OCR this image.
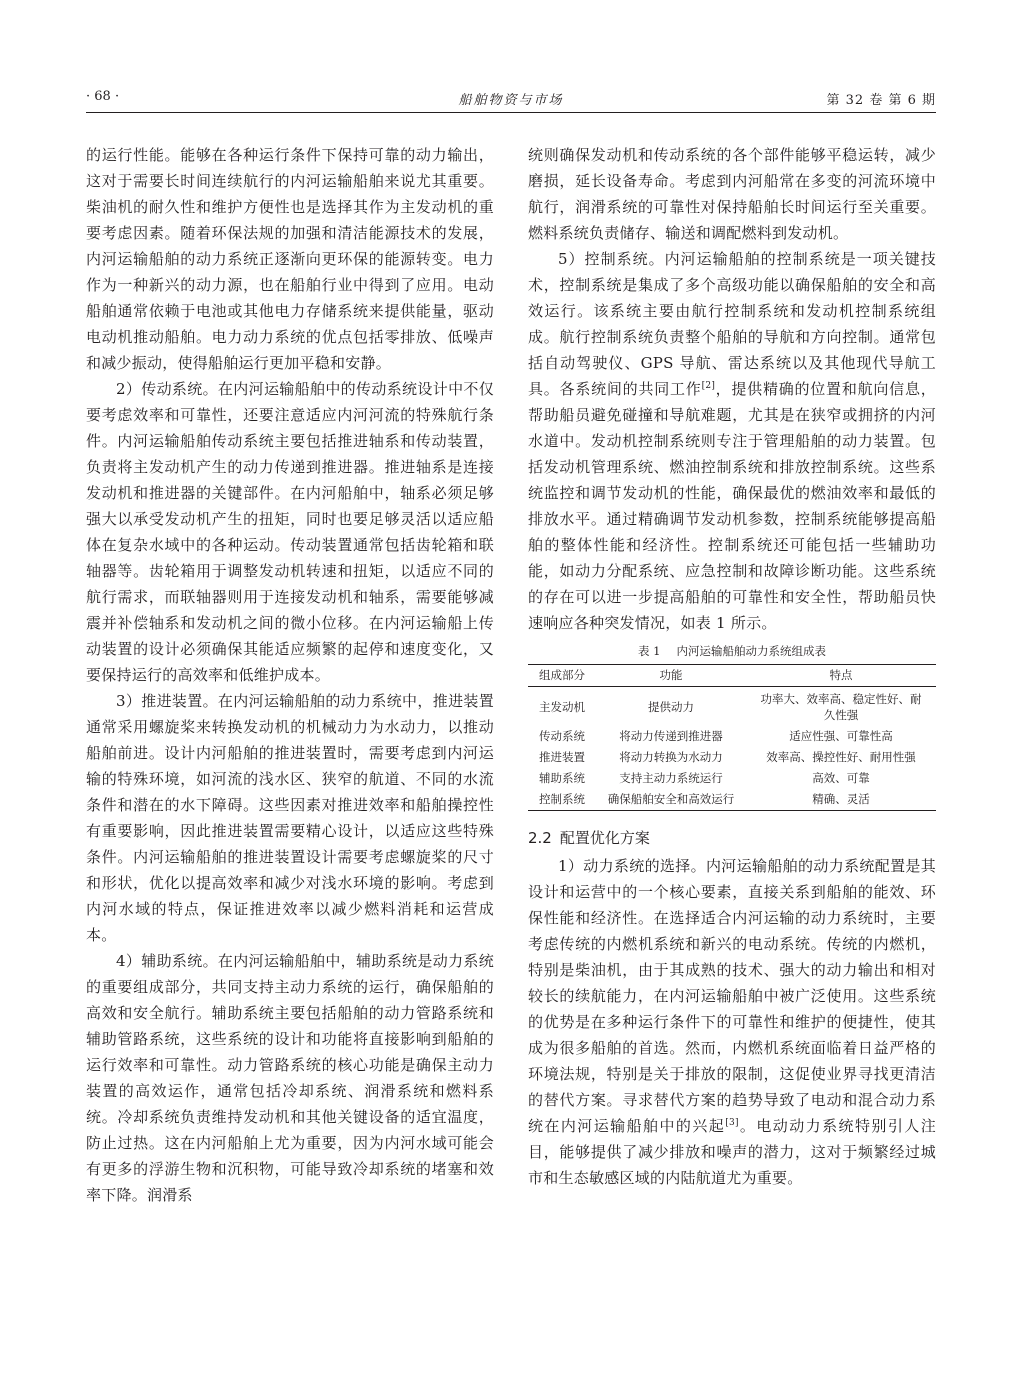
· 68 ·	船舶物资与市场	第 32 卷 第 6 期

的运行性能。能够在各种运行条件下保持可靠的动力输出，这对于需要长时间连续航行的内河运输船舶来说尤其重要。柴油机的耐久性和维护方便性也是选择其作为主发动机的重要考虑因素。随着环保法规的加强和清洁能源技术的发展，内河运输船舶的动力系统正逐渐向更环保的能源转变。电力作为一种新兴的动力源，也在船舶行业中得到了应用。电动船舶通常依赖于电池或其他电力存储系统来提供能量，驱动电动机推动船舶。电力动力系统的优点包括零排放、低噪声和减少振动，使得船舶运行更加平稳和安静。

2）传动系统。在内河运输船舶中的传动系统设计中不仅要考虑效率和可靠性，还要注意适应内河河流的特殊航行条件。内河运输船舶传动系统主要包括推进轴系和传动装置，负责将主发动机产生的动力传递到推进器。推进轴系是连接发动机和推进器的关键部件。在内河船舶中，轴系必须足够强大以承受发动机产生的扭矩，同时也要足够灵活以适应船体在复杂水域中的各种运动。传动装置通常包括齿轮箱和联轴器等。齿轮箱用于调整发动机转速和扭矩，以适应不同的航行需求，而联轴器则用于连接发动机和轴系，需要能够减震并补偿轴系和发动机之间的微小位移。在内河运输船上传动装置的设计必须确保其能适应频繁的起停和速度变化，又要保持运行的高效率和低维护成本。

3）推进装置。在内河运输船舶的动力系统中，推进装置通常采用螺旋桨来转换发动机的机械动力为水动力，以推动船舶前进。设计内河船舶的推进装置时，需要考虑到内河运输的特殊环境，如河流的浅水区、狭窄的航道、不同的水流条件和潜在的水下障碍。这些因素对推进效率和船舶操控性有重要影响，因此推进装置需要精心设计，以适应这些特殊条件。内河运输船舶的推进装置设计需要考虑螺旋桨的尺寸和形状，优化以提高效率和减少对浅水环境的影响。考虑到内河水域的特点，保证推进效率以减少燃料消耗和运营成本。

4）辅助系统。在内河运输船舶中，辅助系统是动力系统的重要组成部分，共同支持主动力系统的运行，确保船舶的高效和安全航行。辅助系统主要包括船舶的动力管路系统和辅助管路系统，这些系统的设计和功能将直接影响到船舶的运行效率和可靠性。动力管路系统的核心功能是确保主动力装置的高效运作，通常包括冷却系统、润滑系统和燃料系统。冷却系统负责维持发动机和其他关键设备的适宜温度，防止过热。这在内河船舶上尤为重要，因为内河水域可能会有更多的浮游生物和沉积物，可能导致冷却系统的堵塞和效率下降。润滑系

统则确保发动机和传动系统的各个部件能够平稳运转，减少磨损，延长设备寿命。考虑到内河船常在多变的河流环境中航行，润滑系统的可靠性对保持船舶长时间运行至关重要。燃料系统负责储存、输送和调配燃料到发动机。

5）控制系统。内河运输船舶的控制系统是一项关键技术，控制系统是集成了多个高级功能以确保船舶的安全和高效运行。该系统主要由航行控制系统和发动机控制系统组成。航行控制系统负责整个船舶的导航和方向控制。通常包括自动驾驶仪、GPS 导航、雷达系统以及其他现代导航工具。各系统间的共同工作[2]，提供精确的位置和航向信息，帮助船员避免碰撞和导航难题，尤其是在狭窄或拥挤的内河水道中。发动机控制系统则专注于管理船舶的动力装置。包括发动机管理系统、燃油控制系统和排放控制系统。这些系统监控和调节发动机的性能，确保最优的燃油效率和最低的排放水平。通过精确调节发动机参数，控制系统能够提高船舶的整体性能和经济性。控制系统还可能包括一些辅助功能，如动力分配系统、应急控制和故障诊断功能。这些系统的存在可以进一步提高船舶的可靠性和安全性，帮助船员快速响应各种突发情况，如表 1 所示。

表 1 内河运输船舶动力系统组成表
组成部分	功能	特点
主发动机	提供动力	功率大、效率高、稳定性好、耐久性强
传动系统	将动力传递到推进器	适应性强、可靠性高
推进装置	将动力转换为水动力	效率高、操控性好、耐用性强
辅助系统	支持主动力系统运行	高效、可靠
控制系统	确保船舶安全和高效运行	精确、灵活
2.2 配置优化方案

1）动力系统的选择。内河运输船舶的动力系统配置是其设计和运营中的一个核心要素，直接关系到船舶的能效、环保性能和经济性。在选择适合内河运输的动力系统时，主要考虑传统的内燃机系统和新兴的电动系统。传统的内燃机，特别是柴油机，由于其成熟的技术、强大的动力输出和相对较长的续航能力，在内河运输船舶中被广泛使用。这些系统的优势是在多种运行条件下的可靠性和维护的便捷性，使其成为很多船舶的首选。然而，内燃机系统面临着日益严格的环境法规，特别是关于排放的限制，这促使业界寻找更清洁的替代方案。寻求替代方案的趋势导致了电动和混合动力系统在内河运输船舶中的兴起[3]。电动动力系统特别引人注目，能够提供了减少排放和噪声的潜力，这对于频繁经过城市和生态敏感区域的内陆航道尤为重要。
